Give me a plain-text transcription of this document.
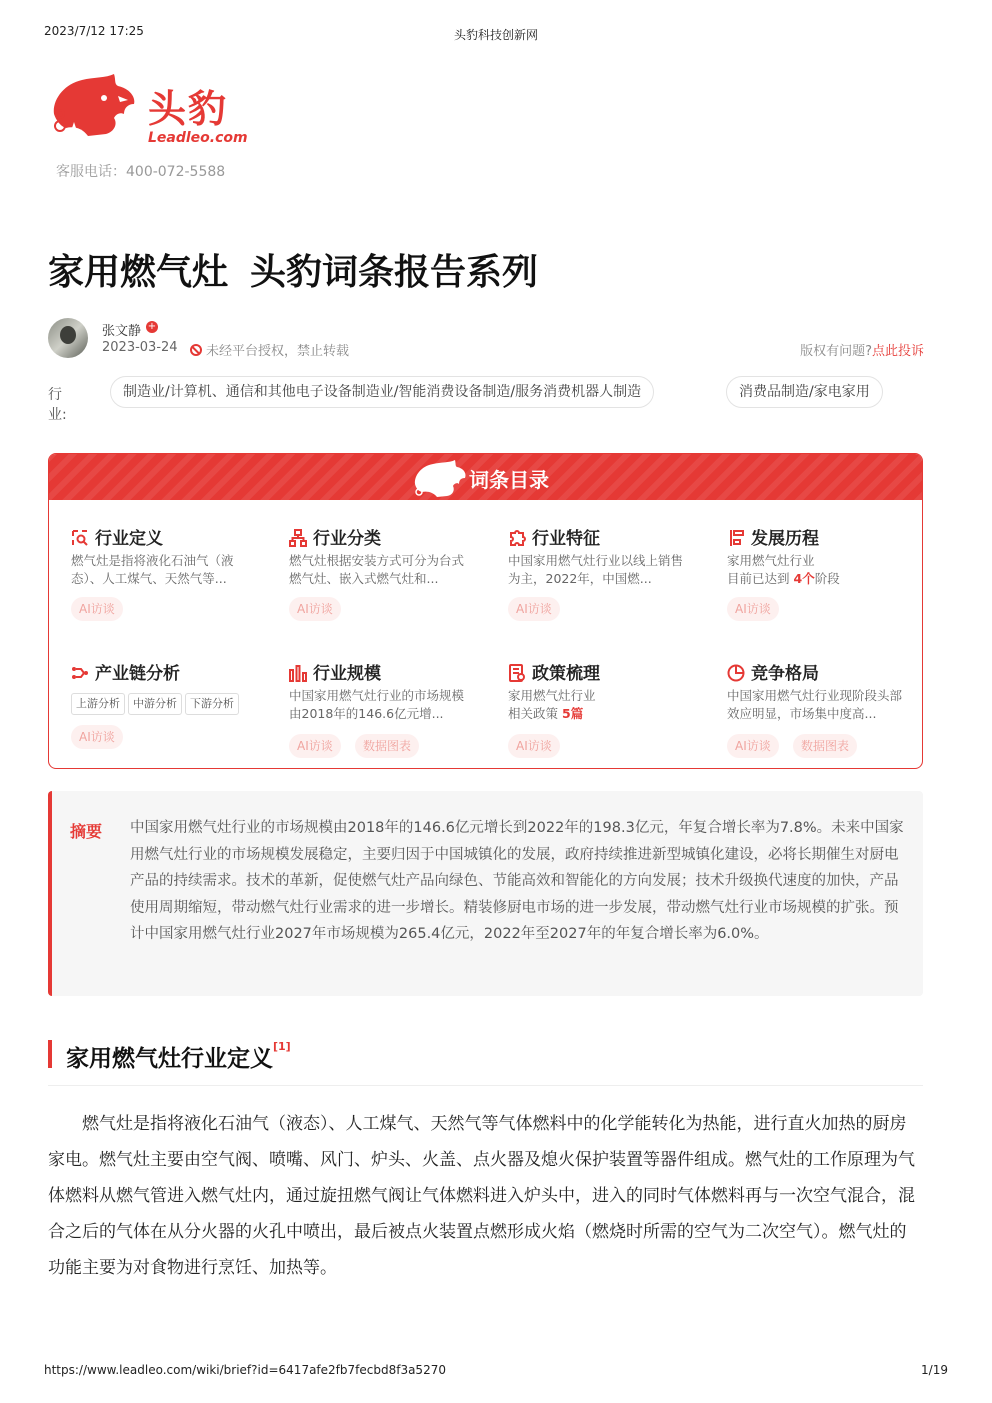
2023/7/12 17:25	头豹科技创新网
头豹
Leadleo.com
客服电话：400-072-5588
家用燃气灶 头豹词条报告系列
张文静 +
2023-03-24	未经平台授权，禁止转载	版权有问题?点此投诉
行业:
制造业/计算机、通信和其他电子设备制造业/智能消费设备制造/服务消费机器人制造	消费品制造/家电家用
词条目录
行业定义
燃气灶是指将液化石油气（液态）、人工煤气、天然气等...
AI访谈
行业分类
燃气灶根据安装方式可分为台式燃气灶、嵌入式燃气灶和...
AI访谈
行业特征
中国家用燃气灶行业以线上销售为主，2022年，中国燃...
AI访谈
发展历程
家用燃气灶行业
目前已达到 4个阶段
AI访谈
产业链分析
上游分析	中游分析	下游分析
AI访谈
行业规模
中国家用燃气灶行业的市场规模由2018年的146.6亿元增...
AI访谈	数据图表
政策梳理
家用燃气灶行业
相关政策 5篇
AI访谈
竞争格局
中国家用燃气灶行业现阶段头部效应明显，市场集中度高...
AI访谈	数据图表
摘要 中国家用燃气灶行业的市场规模由2018年的146.6亿元增长到2022年的198.3亿元，年复合增长率为7.8%。未来中国家用燃气灶行业的市场规模发展稳定，主要归因于中国城镇化的发展，政府持续推进新型城镇化建设，必将长期催生对厨电产品的持续需求。技术的革新，促使燃气灶产品向绿色、节能高效和智能化的方向发展；技术升级换代速度的加快，产品使用周期缩短，带动燃气灶行业需求的进一步增长。精装修厨电市场的进一步发展，带动燃气灶行业市场规模的扩张。预计中国家用燃气灶行业2027年市场规模为265.4亿元，2022年至2027年的年复合增长率为6.0%。
家用燃气灶行业定义[1]
燃气灶是指将液化石油气（液态）、人工煤气、天然气等气体燃料中的化学能转化为热能，进行直火加热的厨房家电。燃气灶主要由空气阀、喷嘴、风门、炉头、火盖、点火器及熄火保护装置等器件组成。燃气灶的工作原理为气体燃料从燃气管进入燃气灶内，通过旋扭燃气阀让气体燃料进入炉头中，进入的同时气体燃料再与一次空气混合，混合之后的气体在从分火器的火孔中喷出，最后被点火装置点燃形成火焰（燃烧时所需的空气为二次空气）。燃气灶的功能主要为对食物进行烹饪、加热等。
https://www.leadleo.com/wiki/brief?id=6417afe2fb7fecbd8f3a5270	1/19
